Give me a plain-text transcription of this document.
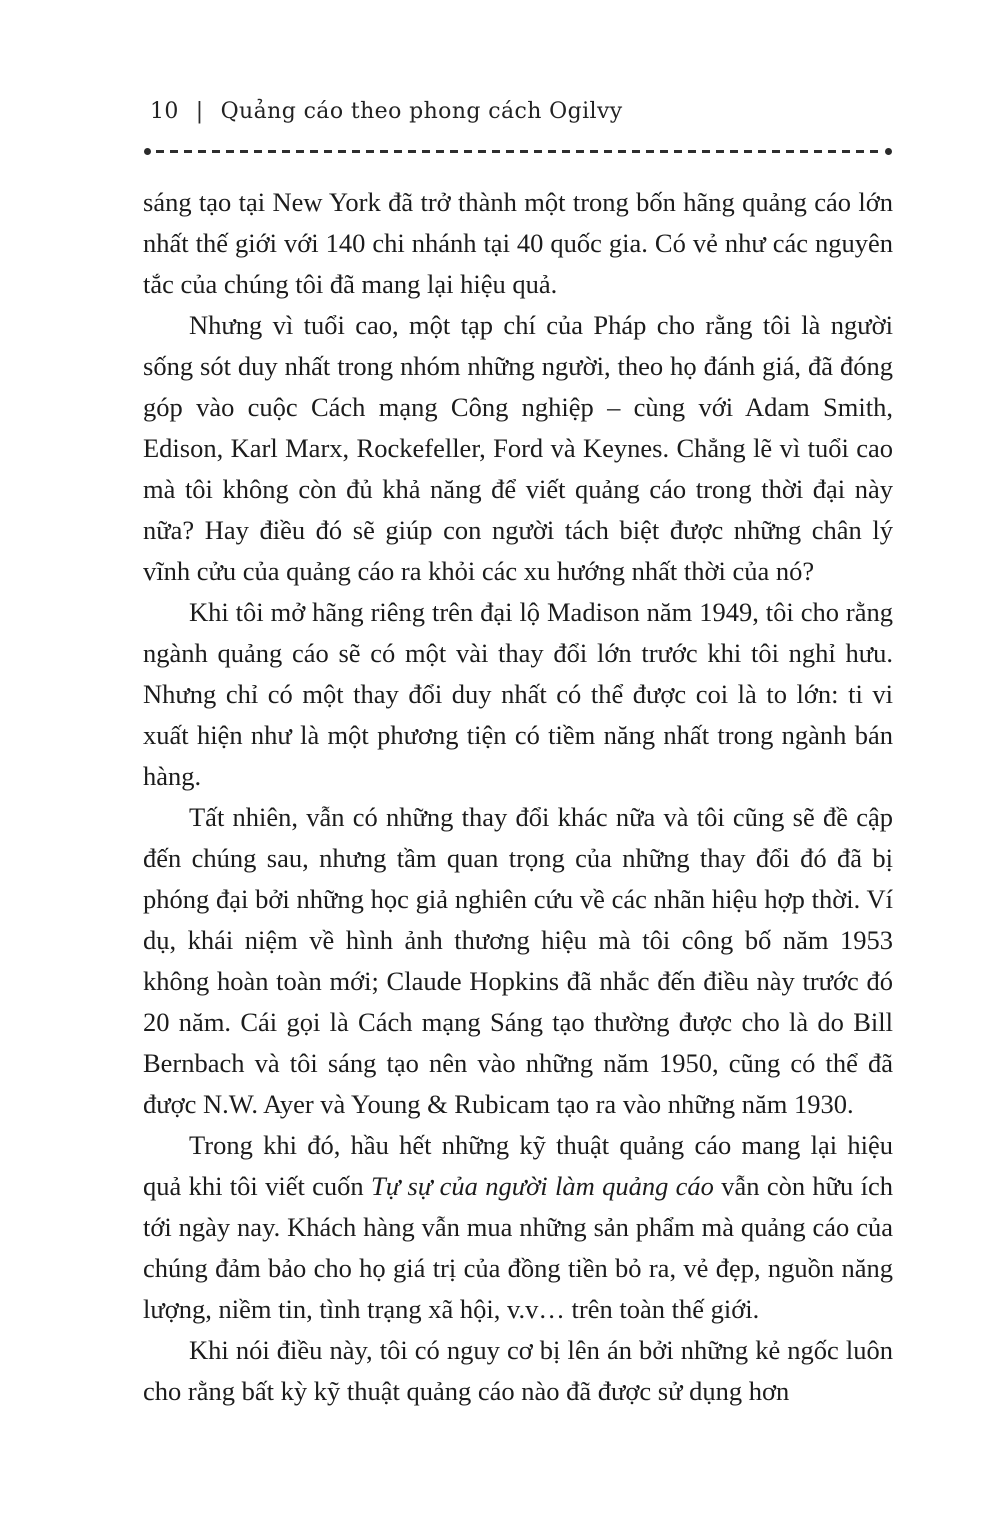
10 | Quảng cáo theo phong cách Ogilvy

sáng tạo tại New York đã trở thành một trong bốn hãng quảng cáo lớn nhất thế giới với 140 chi nhánh tại 40 quốc gia. Có vẻ như các nguyên tắc của chúng tôi đã mang lại hiệu quả.

Nhưng vì tuổi cao, một tạp chí của Pháp cho rằng tôi là người sống sót duy nhất trong nhóm những người, theo họ đánh giá, đã đóng góp vào cuộc Cách mạng Công nghiệp – cùng với Adam Smith, Edison, Karl Marx, Rockefeller, Ford và Keynes. Chẳng lẽ vì tuổi cao mà tôi không còn đủ khả năng để viết quảng cáo trong thời đại này nữa? Hay điều đó sẽ giúp con người tách biệt được những chân lý vĩnh cửu của quảng cáo ra khỏi các xu hướng nhất thời của nó?

Khi tôi mở hãng riêng trên đại lộ Madison năm 1949, tôi cho rằng ngành quảng cáo sẽ có một vài thay đổi lớn trước khi tôi nghỉ hưu. Nhưng chỉ có một thay đổi duy nhất có thể được coi là to lớn: ti vi xuất hiện như là một phương tiện có tiềm năng nhất trong ngành bán hàng.

Tất nhiên, vẫn có những thay đổi khác nữa và tôi cũng sẽ đề cập đến chúng sau, nhưng tầm quan trọng của những thay đổi đó đã bị phóng đại bởi những học giả nghiên cứu về các nhãn hiệu hợp thời. Ví dụ, khái niệm về hình ảnh thương hiệu mà tôi công bố năm 1953 không hoàn toàn mới; Claude Hopkins đã nhắc đến điều này trước đó 20 năm. Cái gọi là Cách mạng Sáng tạo thường được cho là do Bill Bernbach và tôi sáng tạo nên vào những năm 1950, cũng có thể đã được N.W. Ayer và Young & Rubicam tạo ra vào những năm 1930.

Trong khi đó, hầu hết những kỹ thuật quảng cáo mang lại hiệu quả khi tôi viết cuốn Tự sự của người làm quảng cáo vẫn còn hữu ích tới ngày nay. Khách hàng vẫn mua những sản phẩm mà quảng cáo của chúng đảm bảo cho họ giá trị của đồng tiền bỏ ra, vẻ đẹp, nguồn năng lượng, niềm tin, tình trạng xã hội, v.v… trên toàn thế giới.

Khi nói điều này, tôi có nguy cơ bị lên án bởi những kẻ ngốc luôn cho rằng bất kỳ kỹ thuật quảng cáo nào đã được sử dụng hơn
